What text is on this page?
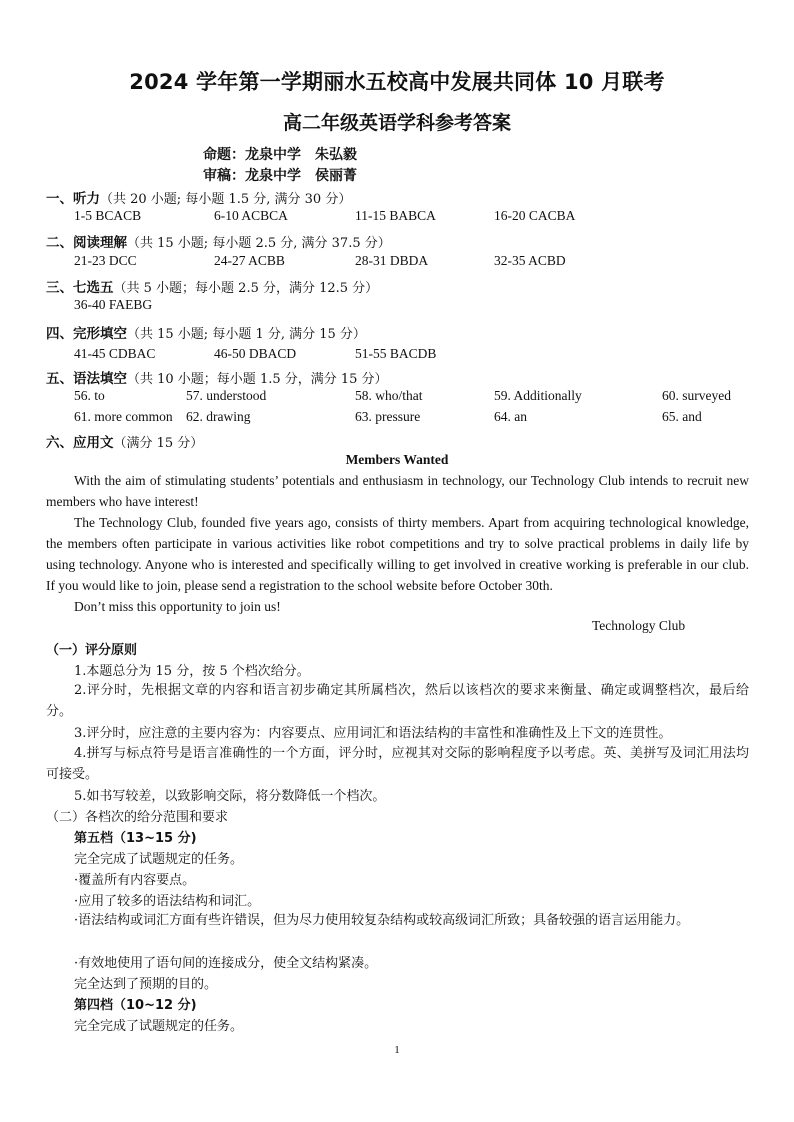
2024 学年第一学期丽水五校高中发展共同体 10 月联考
高二年级英语学科参考答案
命题：龙泉中学　朱弘毅
审稿：龙泉中学　侯丽菁
一、听力（共 20 小题; 每小题 1.5 分, 满分 30 分）
1-5 BCACB	6-10 ACBCA	11-15 BABCA	16-20 CACBA
二、阅读理解（共 15 小题; 每小题 2.5 分, 满分 37.5 分）
21-23 DCC	24-27 ACBB	28-31 DBDA	32-35 ACBD
三、七选五（共 5 小题；每小题 2.5 分，满分 12.5 分）
36-40 FAEBG
四、完形填空（共 15 小题; 每小题 1 分, 满分 15 分）
41-45 CDBAC	46-50 DBACD	51-55 BACDB
五、语法填空（共 10 小题；每小题 1.5 分，满分 15 分）
56. to	57. understood	58. who/that	59. Additionally	60. surveyed
61. more common 62. drawing	63. pressure	64. an	65. and
六、应用文（满分 15 分）
Members Wanted
With the aim of stimulating students’ potentials and enthusiasm in technology, our Technology Club intends to recruit new members who have interest!
The Technology Club, founded five years ago, consists of thirty members. Apart from acquiring technological knowledge, the members often participate in various activities like robot competitions and try to solve practical problems in daily life by using technology. Anyone who is interested and specifically willing to get involved in creative working is preferable in our club. If you would like to join, please send a registration to the school website before October 30th.
Don’t miss this opportunity to join us!
Technology Club
（一）评分原则
1.本题总分为 15 分，按 5 个档次给分。
2.评分时，先根据文章的内容和语言初步确定其所属档次，然后以该档次的要求来衡量、确定或调整档次，最后给分。
3.评分时，应注意的主要内容为：内容要点、应用词汇和语法结构的丰富性和准确性及上下文的连贯性。
4.拼写与标点符号是语言准确性的一个方面，评分时，应视其对交际的影响程度予以考虑。英、美拼写及词汇用法均可接受。
5.如书写较差，以致影响交际，将分数降低一个档次。
（二）各档次的给分范围和要求
第五档（13~15 分)
完全完成了试题规定的任务。
·覆盖所有内容要点。
·应用了较多的语法结构和词汇。
·语法结构或词汇方面有些许错误，但为尽力使用较复杂结构或较高级词汇所致；具备较强的语言运用能力。
·有效地使用了语句间的连接成分，使全文结构紧凑。
完全达到了预期的目的。
第四档（10~12 分)
完全完成了试题规定的任务。
1
